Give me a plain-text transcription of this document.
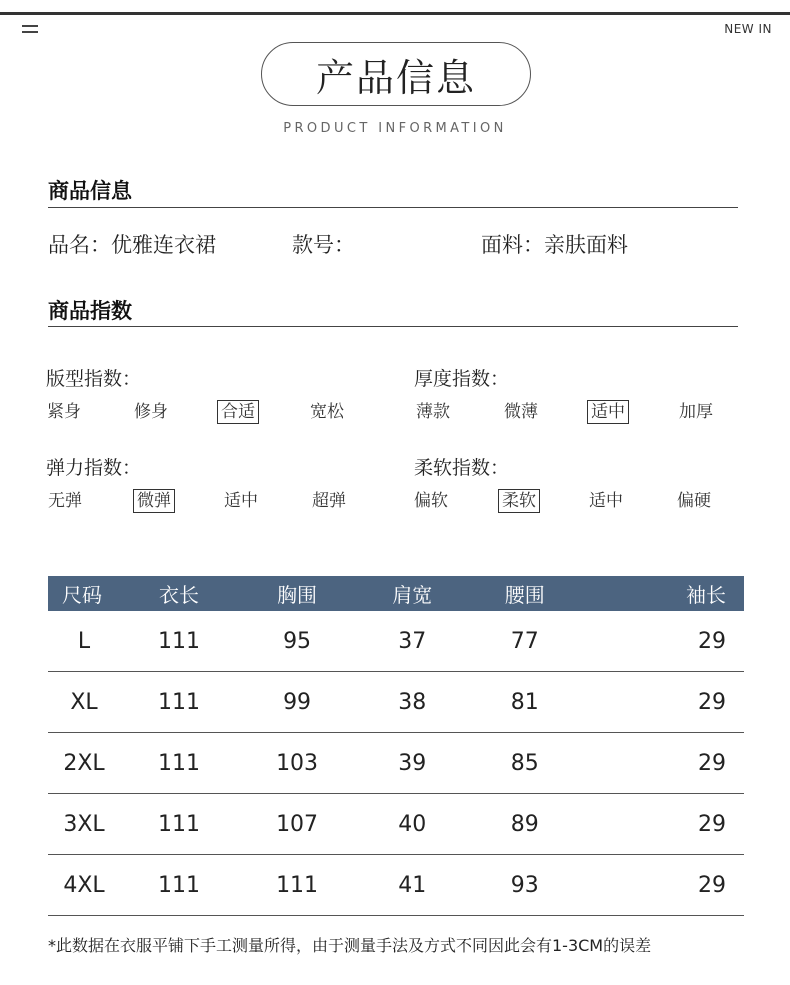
NEW IN
产品信息
PRODUCT INFORMATION
商品信息
品名：优雅连衣裙	款号：	面料：亲肤面料
商品指数
版型指数：
紧身	修身	合适	宽松
厚度指数：
薄款	微薄	适中	加厚
弹力指数：
无弹	微弹	适中	超弹
柔软指数：
偏软	柔软	适中	偏硬
尺码	衣长	胸围	肩宽	腰围	袖长
L	111	95	37	77	29
XL	111	99	38	81	29
2XL	111	103	39	85	29
3XL	111	107	40	89	29
4XL	111	111	41	93	29
*此数据在衣服平铺下手工测量所得，由于测量手法及方式不同因此会有1-3CM的误差
